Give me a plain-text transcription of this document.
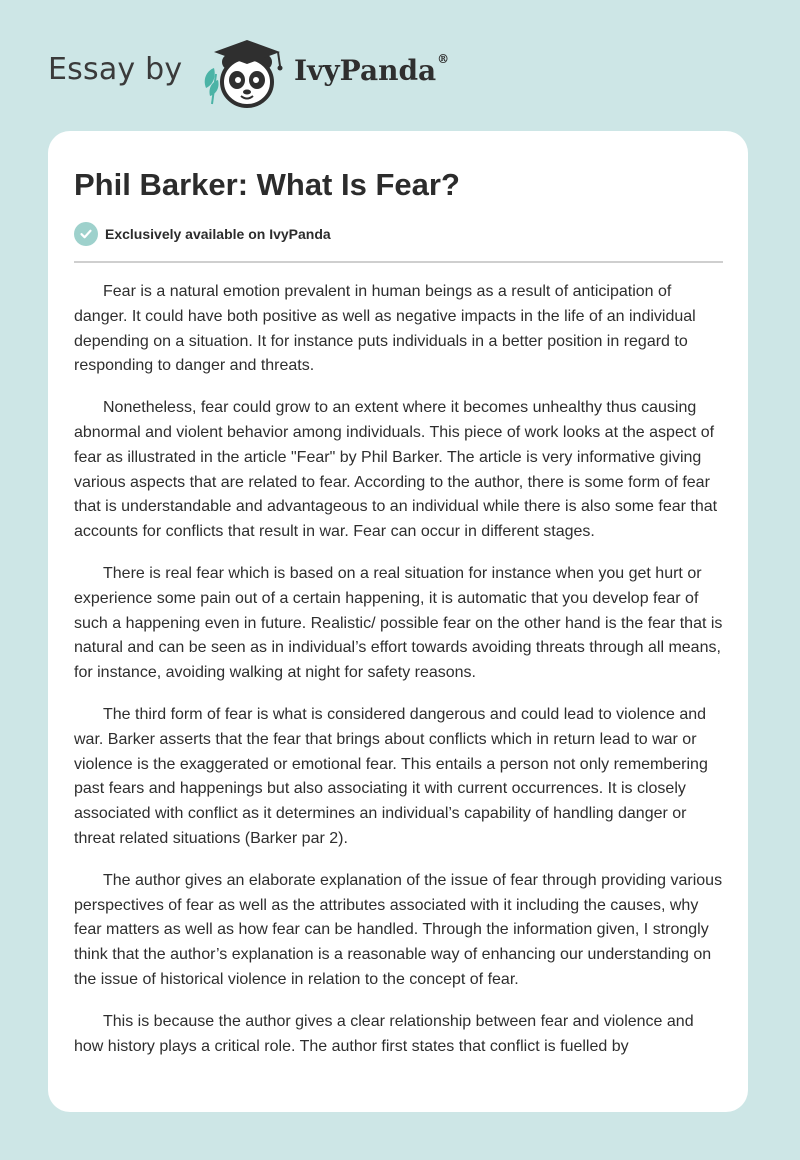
Essay by	IvyPanda®
Phil Barker: What Is Fear?
Exclusively available on IvyPanda

Fear is a natural emotion prevalent in human beings as a result of anticipation of danger. It could have both positive as well as negative impacts in the life of an individual depending on a situation. It for instance puts individuals in a better position in regard to responding to danger and threats.

Nonetheless, fear could grow to an extent where it becomes unhealthy thus causing abnormal and violent behavior among individuals. This piece of work looks at the aspect of fear as illustrated in the article "Fear" by Phil Barker. The article is very informative giving various aspects that are related to fear. According to the author, there is some form of fear that is understandable and advantageous to an individual while there is also some fear that accounts for conflicts that result in war. Fear can occur in different stages.

There is real fear which is based on a real situation for instance when you get hurt or experience some pain out of a certain happening, it is automatic that you develop fear of such a happening even in future. Realistic/ possible fear on the other hand is the fear that is natural and can be seen as in individual’s effort towards avoiding threats through all means, for instance, avoiding walking at night for safety reasons.

The third form of fear is what is considered dangerous and could lead to violence and war. Barker asserts that the fear that brings about conflicts which in return lead to war or violence is the exaggerated or emotional fear. This entails a person not only remembering past fears and happenings but also associating it with current occurrences. It is closely associated with conflict as it determines an individual’s capability of handling danger or threat related situations (Barker par 2).

The author gives an elaborate explanation of the issue of fear through providing various perspectives of fear as well as the attributes associated with it including the causes, why fear matters as well as how fear can be handled. Through the information given, I strongly think that the author’s explanation is a reasonable way of enhancing our understanding on the issue of historical violence in relation to the concept of fear.

This is because the author gives a clear relationship between fear and violence and how history plays a critical role. The author first states that conflict is fuelled by
